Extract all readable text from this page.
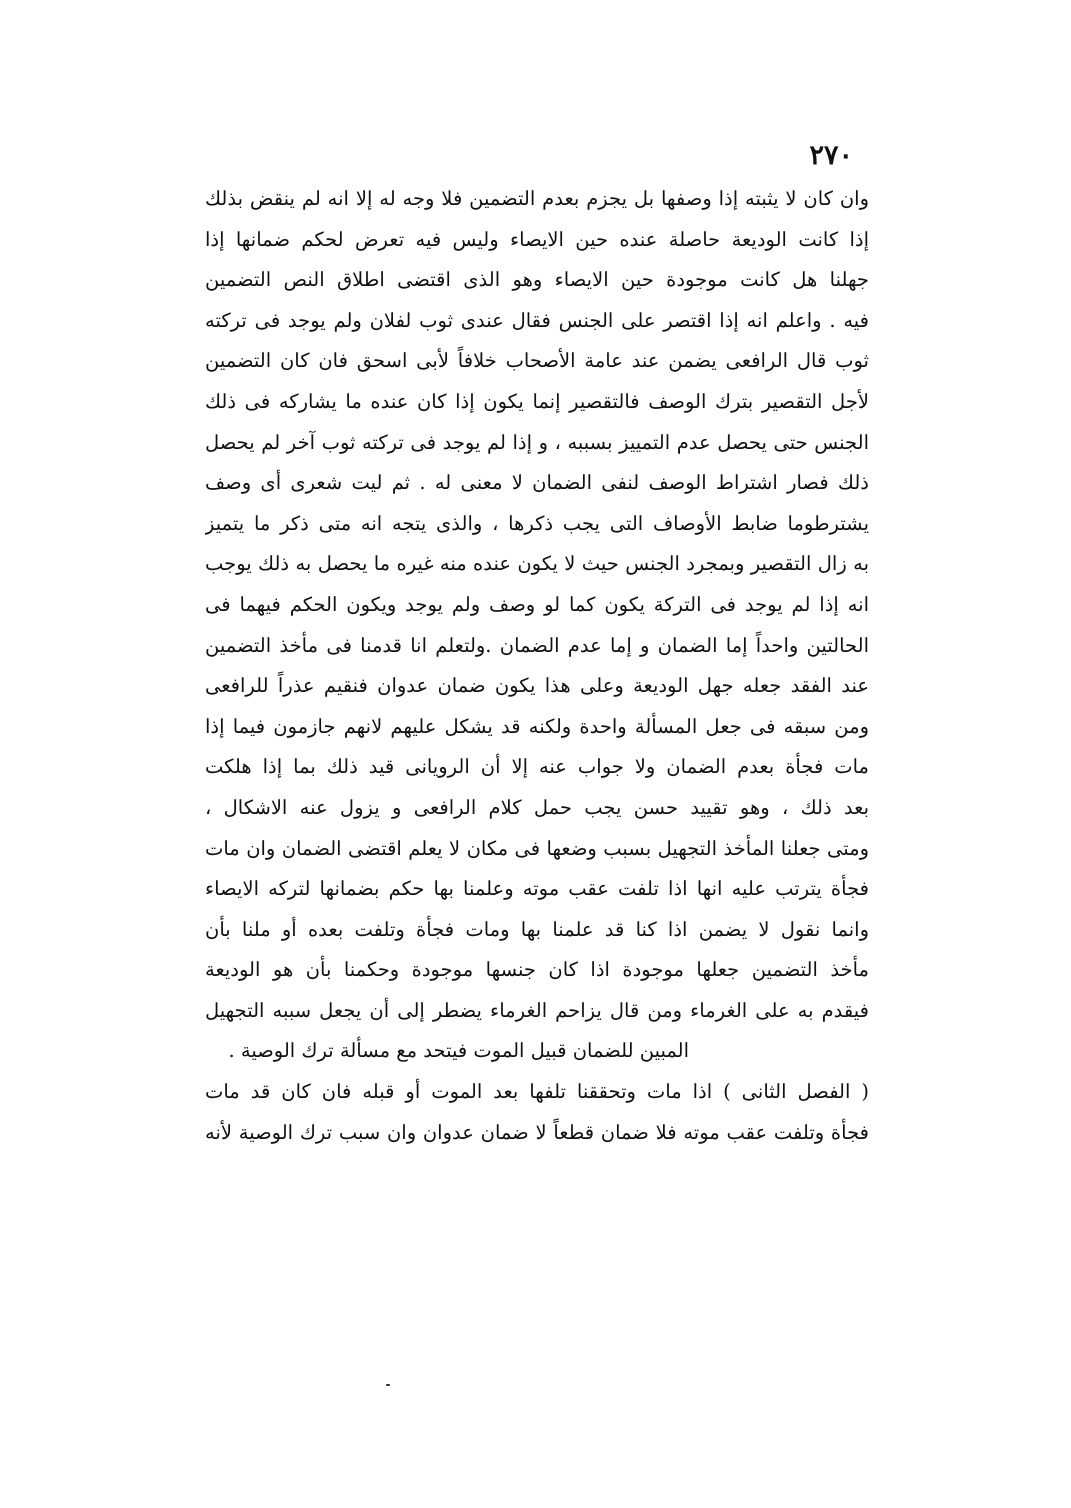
٢٧٠
وان كان لا يثبته إذا وصفها بل يجزم بعدم التضمين فلا وجه له إلا انه لم ينقض بذلك
إذا كانت الوديعة حاصلة عنده حين الايصاء وليس فيه تعرض لحكم ضمانها إذا
جهلنا هل كانت موجودة حين الايصاء وهو الذى اقتضى اطلاق النص التضمين
فيه . واعلم انه إذا اقتصر على الجنس فقال عندى ثوب لفلان ولم يوجد فى تركته
ثوب قال الرافعى يضمن عند عامة الأصحاب خلافاً لأبى اسحق فان كان التضمين
لأجل التقصير بترك الوصف فالتقصير إنما يكون إذا كان عنده ما يشاركه فى ذلك
الجنس حتى يحصل عدم التمييز بسببه ، و إذا لم يوجد فى تركته ثوب آخر لم يحصل
ذلك فصار اشتراط الوصف لنفى الضمان لا معنى له . ثم ليت شعرى أى وصف
يشترطوما ضابط الأوصاف التى يجب ذكرها ، والذى يتجه انه متى ذكر ما يتميز
به زال التقصير وبمجرد الجنس حيث لا يكون عنده منه غيره ما يحصل به ذلك يوجب
انه إذا لم يوجد فى التركة يكون كما لو وصف ولم يوجد ويكون الحكم فيهما فى
الحالتين واحداً إما الضمان و إما عدم الضمان .ولتعلم انا قدمنا فى مأخذ التضمين
عند الفقد جعله جهل الوديعة وعلى هذا يكون ضمان عدوان فنقيم عذراً للرافعى
ومن سبقه فى جعل المسألة واحدة ولكنه قد يشكل عليهم لانهم جازمون فيما إذا
مات فجأة بعدم الضمان ولا جواب عنه إلا أن الرويانى قيد ذلك بما إذا هلكت
بعد ذلك ، وهو تقييد حسن يجب حمل كلام الرافعى و يزول عنه الاشكال ،
ومتى جعلنا المأخذ التجهيل بسبب وضعها فى مكان لا يعلم اقتضى الضمان وان مات
فجأة يترتب عليه انها اذا تلفت عقب موته وعلمنا بها حكم بضمانها لتركه الايصاء
وانما نقول لا يضمن اذا كنا قد علمنا بها ومات فجأة وتلفت بعده أو ملنا بأن
مأخذ التضمين جعلها موجودة اذا كان جنسها موجودة وحكمنا بأن هو الوديعة
فيقدم به على الغرماء ومن قال يزاحم الغرماء يضطر إلى أن يجعل سببه التجهيل
المبين للضمان قبيل الموت فيتحد مع مسألة ترك الوصية .
( الفصل الثانى ) اذا مات وتحققنا تلفها بعد الموت أو قبله فان كان قد مات
فجأة وتلفت عقب موته فلا ضمان قطعاً لا ضمان عدوان وان سبب ترك الوصية لأنه
